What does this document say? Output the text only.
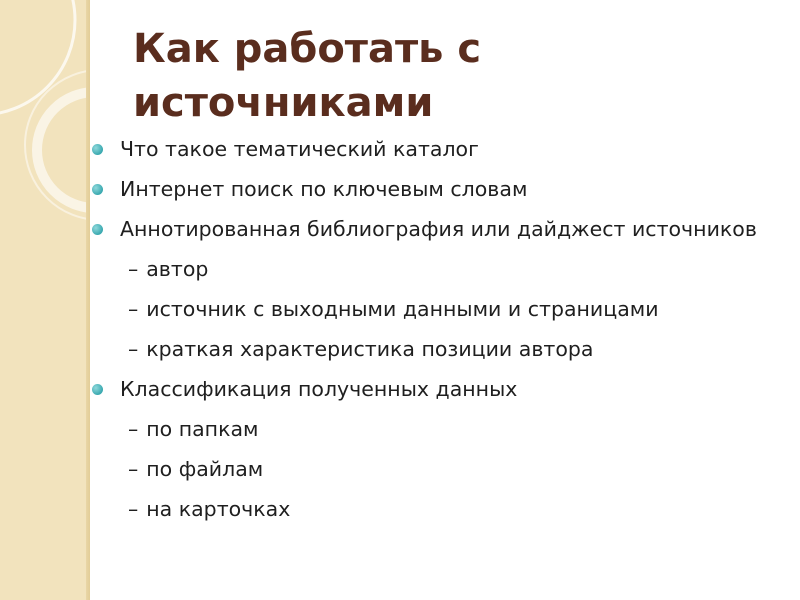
Как работать с
источниками
Что такое тематический каталог
Интернет поиск по ключевым словам
Аннотированная библиография или дайджест источников
– автор
– источник с выходными данными и страницами
– краткая характеристика позиции автора
Классификация полученных данных
– по папкам
– по файлам
– на карточках
